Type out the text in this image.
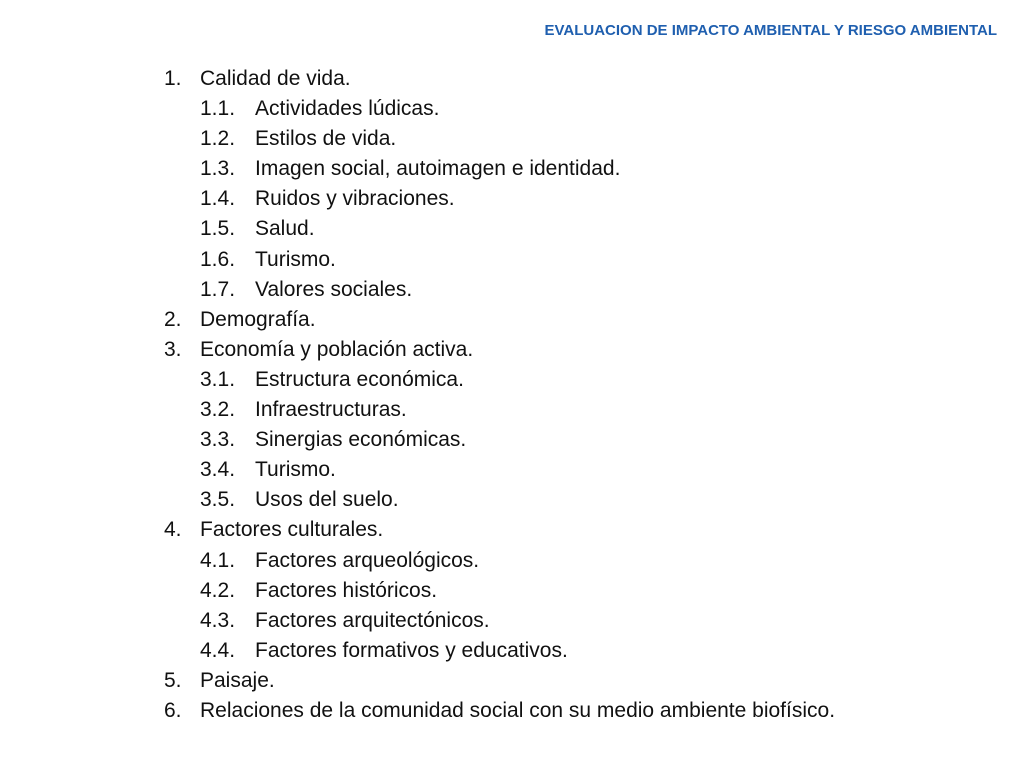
EVALUACION DE IMPACTO AMBIENTAL Y RIESGO AMBIENTAL
1. Calidad de vida.
1.1. Actividades lúdicas.
1.2. Estilos de vida.
1.3. Imagen social, autoimagen e identidad.
1.4. Ruidos y vibraciones.
1.5. Salud.
1.6. Turismo.
1.7. Valores sociales.
2. Demografía.
3. Economía y población activa.
3.1. Estructura económica.
3.2. Infraestructuras.
3.3. Sinergias económicas.
3.4. Turismo.
3.5. Usos del suelo.
4. Factores culturales.
4.1. Factores arqueológicos.
4.2. Factores históricos.
4.3. Factores arquitectónicos.
4.4. Factores formativos y educativos.
5. Paisaje.
6. Relaciones de la comunidad social con su medio ambiente biofísico.
